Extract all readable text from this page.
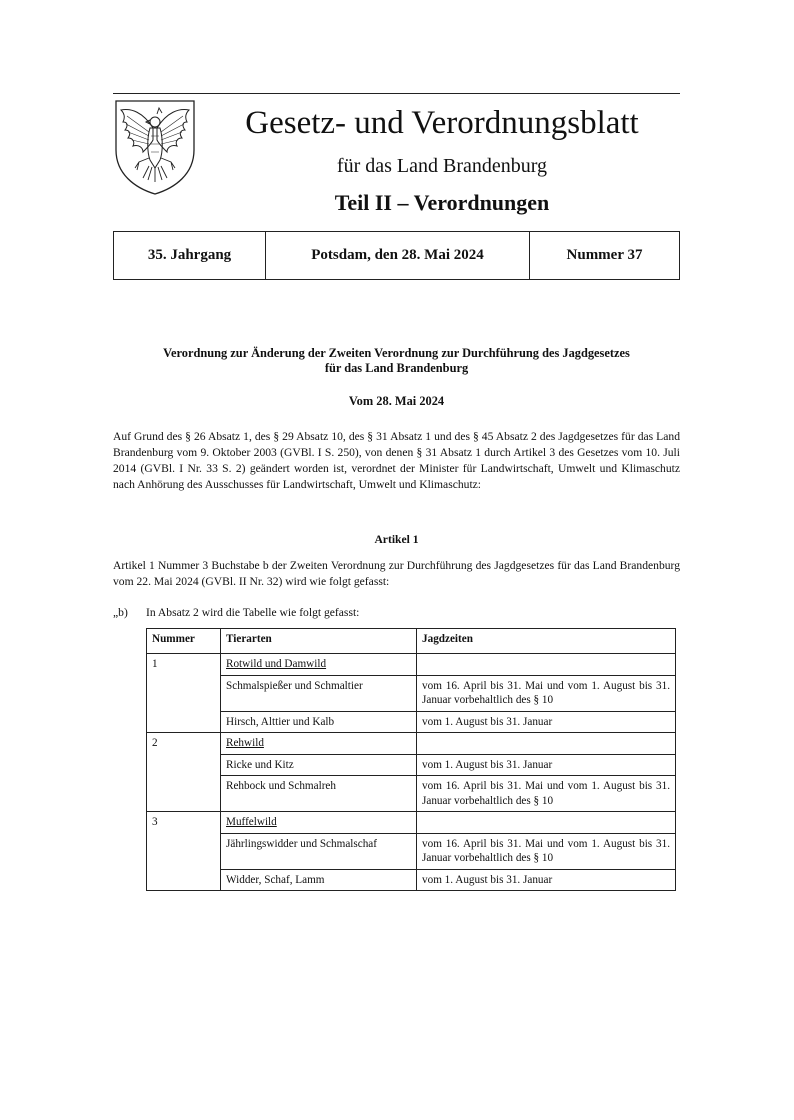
Gesetz- und Verordnungsblatt
für das Land Brandenburg
Teil II – Verordnungen
35. Jahrgang	Potsdam, den 28. Mai 2024	Nummer 37
Verordnung zur Änderung der Zweiten Verordnung zur Durchführung des Jagdgesetzes
für das Land Brandenburg
Vom 28. Mai 2024
Auf Grund des § 26 Absatz 1, des § 29 Absatz 10, des § 31 Absatz 1 und des § 45 Absatz 2 des Jagdgesetzes für das Land Brandenburg vom 9. Oktober 2003 (GVBl. I S. 250), von denen § 31 Absatz 1 durch Artikel 3 des Gesetzes vom 10. Juli 2014 (GVBl. I Nr. 33 S. 2) geändert worden ist, verordnet der Minister für Landwirtschaft, Umwelt und Klimaschutz nach Anhörung des Ausschusses für Landwirtschaft, Umwelt und Klimaschutz:
Artikel 1
Artikel 1 Nummer 3 Buchstabe b der Zweiten Verordnung zur Durchführung des Jagdgesetzes für das Land Brandenburg vom 22. Mai 2024 (GVBl. II Nr. 32) wird wie folgt gefasst:
„b) In Absatz 2 wird die Tabelle wie folgt gefasst:
Nummer	Tierarten	Jagdzeiten
1	Rotwild und Damwild	
	Schmalspießer und Schmaltier	vom 16. April bis 31. Mai und vom 1. August bis 31. Januar vorbehaltlich des § 10
	Hirsch, Alttier und Kalb	vom 1. August bis 31. Januar
2	Rehwild	
	Ricke und Kitz	vom 1. August bis 31. Januar
	Rehbock und Schmalreh	vom 16. April bis 31. Mai und vom 1. August bis 31. Januar vorbehaltlich des § 10
3	Muffelwild	
	Jährlingswidder und Schmalschaf	vom 16. April bis 31. Mai und vom 1. August bis 31. Januar vorbehaltlich des § 10
	Widder, Schaf, Lamm	vom 1. August bis 31. Januar
